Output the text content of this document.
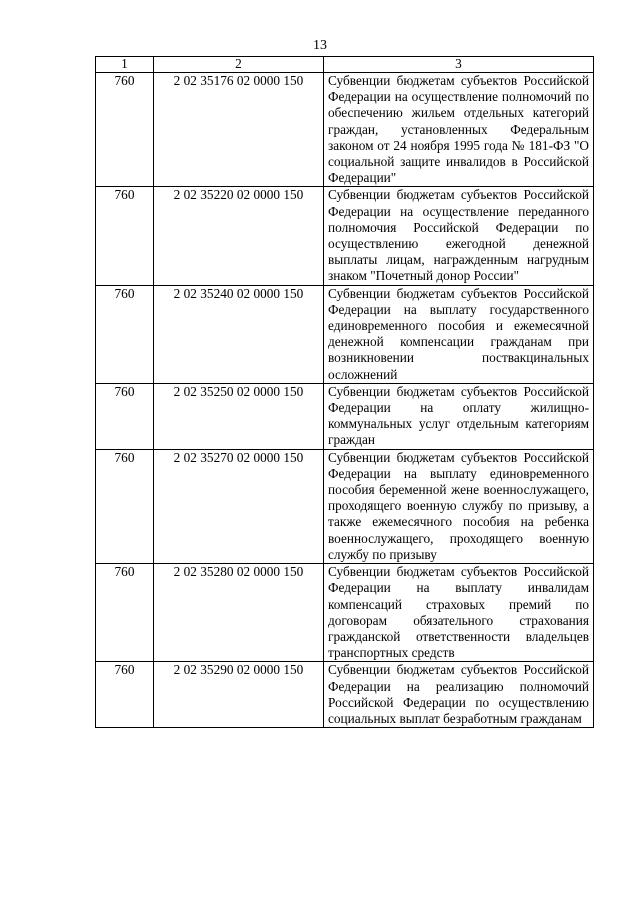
13
1	2	3
760	2 02 35176 02 0000 150	Субвенции бюджетам субъектов Российской Федерации на осуществление полномочий по обеспечению жильем отдельных категорий граждан, установленных Федеральным законом от 24 ноября 1995 года № 181-ФЗ "О социальной защите инвалидов в Российской Федерации"
760	2 02 35220 02 0000 150	Субвенции бюджетам субъектов Российской Федерации на осуществление переданного полномочия Российской Федерации по осуществлению ежегодной денежной выплаты лицам, награжденным нагрудным знаком "Почетный донор России"
760	2 02 35240 02 0000 150	Субвенции бюджетам субъектов Российской Федерации на выплату государственного единовременного пособия и ежемесячной денежной компенсации гражданам при возникновении поствакцинальных осложнений
760	2 02 35250 02 0000 150	Субвенции бюджетам субъектов Российской Федерации на оплату жилищно-коммунальных услуг отдельным категориям граждан
760	2 02 35270 02 0000 150	Субвенции бюджетам субъектов Российской Федерации на выплату единовременного пособия беременной жене военнослужащего, проходящего военную службу по призыву, а также ежемесячного пособия на ребенка военнослужащего, проходящего военную службу по призыву
760	2 02 35280 02 0000 150	Субвенции бюджетам субъектов Российской Федерации на выплату инвалидам компенсаций страховых премий по договорам обязательного страхования гражданской ответственности владельцев транспортных средств
760	2 02 35290 02 0000 150	Субвенции бюджетам субъектов Российской Федерации на реализацию полномочий Российской Федерации по осуществлению социальных выплат безработным гражданам
